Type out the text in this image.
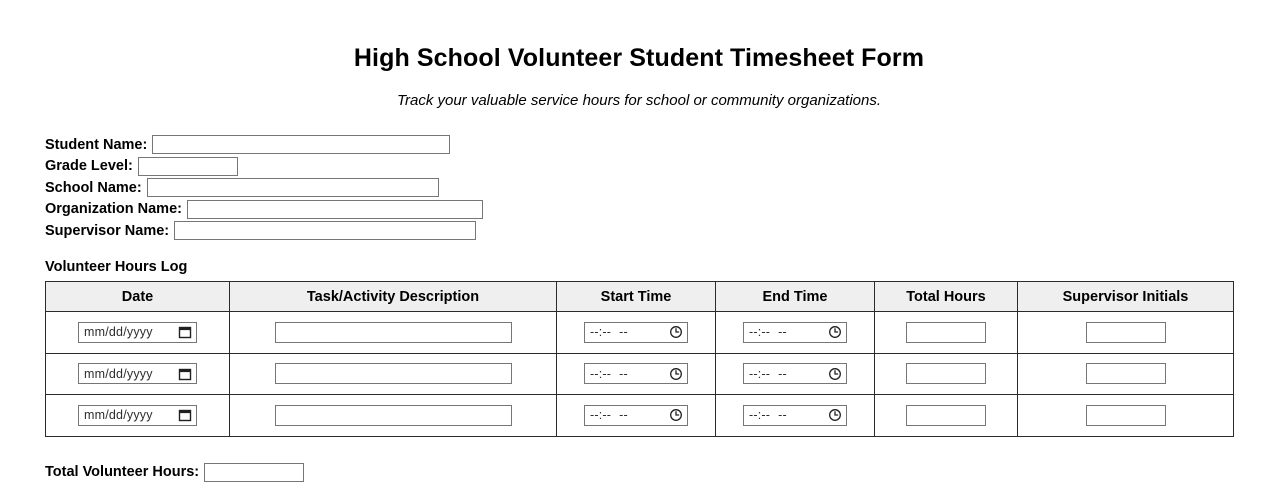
High School Volunteer Student Timesheet Form

Track your valuable service hours for school or community organizations.

Student Name:
Grade Level:
School Name:
Organization Name:
Supervisor Name:
Volunteer Hours Log
Date	Task/Activity Description	Start Time	End Time	Total Hours	Supervisor Initials

mm/dd/yyyy		--:-- --	--:-- --

mm/dd/yyyy		--:-- --	--:-- --

mm/dd/yyyy		--:-- --	--:-- --

Total Volunteer Hours:
